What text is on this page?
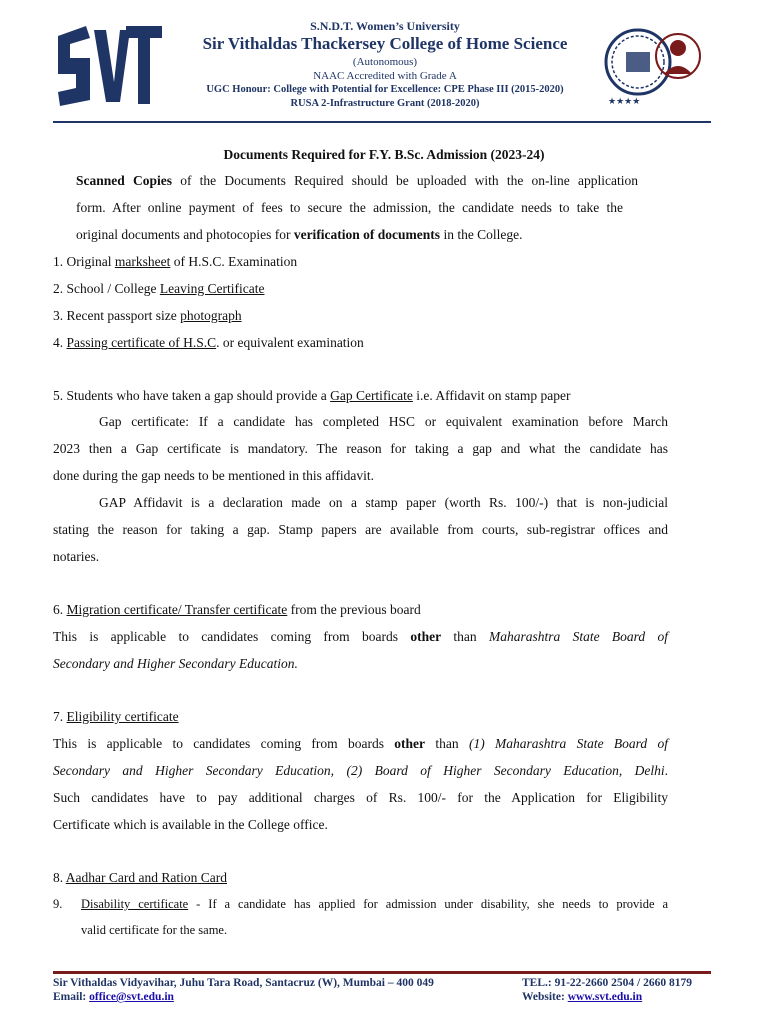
S.N.D.T. Women’s University
Sir Vithaldas Thackersey College of Home Science
(Autonomous)
NAAC Accredited with Grade A
UGC Honour: College with Potential for Excellence: CPE Phase III (2015-2020)
RUSA 2-Infrastructure Grant (2018-2020)	★★★★
Documents Required for F.Y. B.Sc. Admission (2023-24)
Scanned Copies of the Documents Required should be uploaded with the on-line application
form. After online payment of fees to secure the admission, the candidate needs to take the
original documents and photocopies for verification of documents in the College.
1. Original marksheet of H.S.C. Examination
2. School / College Leaving Certificate
3. Recent passport size photograph
4. Passing certificate of H.S.C. or equivalent examination
5. Students who have taken a gap should provide a Gap Certificate i.e. Affidavit on stamp paper
Gap certificate: If a candidate has completed HSC or equivalent examination before March
2023 then a Gap certificate is mandatory. The reason for taking a gap and what the candidate has
done during the gap needs to be mentioned in this affidavit.
GAP Affidavit is a declaration made on a stamp paper (worth Rs. 100/-) that is non-judicial
stating the reason for taking a gap. Stamp papers are available from courts, sub-registrar offices and
notaries.
6. Migration certificate/ Transfer certificate from the previous board
This is applicable to candidates coming from boards other than Maharashtra State Board of
Secondary and Higher Secondary Education.
7. Eligibility certificate
This is applicable to candidates coming from boards other than (1) Maharashtra State Board of
Secondary and Higher Secondary Education, (2) Board of Higher Secondary Education, Delhi.
Such candidates have to pay additional charges of Rs. 100/- for the Application for Eligibility
Certificate which is available in the College office.
8. Aadhar Card and Ration Card
9. Disability certificate - If a candidate has applied for admission under disability, she needs to provide a
valid certificate for the same.
Sir Vithaldas Vidyavihar, Juhu Tara Road, Santacruz (W), Mumbai – 400 049	TEL.: 91-22-2660 2504 / 2660 8179
Email: office@svt.edu.in	Website: www.svt.edu.in
